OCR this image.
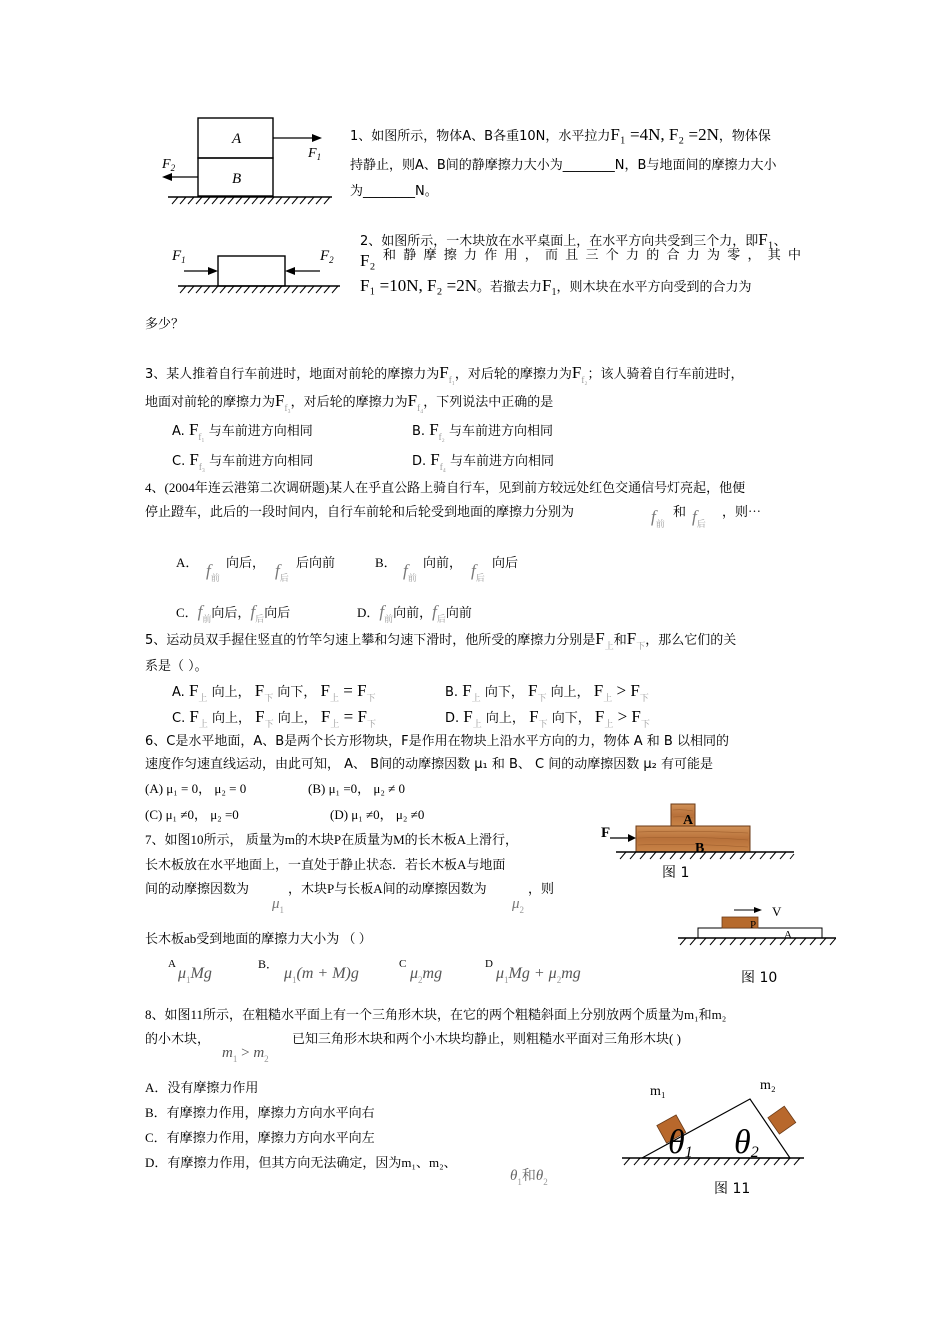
A
B
$F_1$
$F_2$
1、如图所示，物体A、B各重10N，水平拉力F₁ =4N, F₂ =2N，物体保
持静止，则A、B间的静摩擦力大小为________N，B与地面间的摩擦力大小
为________N。
$F_1$	$F_2$
2、如图所示，一木块放在水平桌面上，在水平方向共受到三个力，即F₁、
F₂ 和静摩擦力作用，而且三个力的合力为零，其中
F₁ =10N, F₂ =2N。若撤去力$F_1$，则木块在水平方向受到的合力为
多少？
3、某人推着自行车前进时，地面对前轮的摩擦力为$F_{f_1}$，对后轮的摩擦力为$F_{f_2}$；该人骑着自行车前进时，
地面对前轮的摩擦力为$F_{f_3}$，对后轮的摩擦力为$F_{f_4}$，下列说法中正确的是
A. $F_{f_1}$ 与车前进方向相同	B. $F_{f_2}$ 与车前进方向相同
C. $F_{f_3}$ 与车前进方向相同	D. $F_{f_4}$ 与车前进方向相同
4、(2004年连云港第二次调研题)某人在乎直公路上骑自行车，见到前方较远处红色交通信号灯亮起，他便
停止蹬车，此后的一段时间内，自行车前轮和后轮受到地面的摩擦力分别为	$f_前$
和 $f_后$
，则⋯
A． $f_前$
向后， $f_后$
后向前	B． $f_前$
向前， $f_后$
向后
C．$f_前$向后，$f_后$向后	D．$f_前$向前，$f_后$向前
5、运动员双手握住竖直的竹竿匀速上攀和匀速下滑时，他所受的摩擦力分别是$F_上$和$F_下$，那么它们的关
系是（ ）。
A. $F_上$ 向上， $F_下$ 向下， $F_上 = F_下$	B. $F_上$ 向下， $F_下$ 向上， $F_上 > F_下$
C. $F_上$ 向上， $F_下$ 向上， $F_上 = F_下$	D. $F_上$ 向上， $F_下$ 向下， $F_上 > F_下$
6、C是水平地面，A、B是两个长方形物块，F是作用在物块上沿水平方向的力，物体 A 和 B 以相同的
速度作匀速直线运动，由此可知， A、 B间的动摩擦因数 μ₁ 和 B、 C 间的动摩擦因数 μ₂ 有可能是
(A) μ₁ = 0， μ₂ = 0	(B) μ₁ =0， μ₂ ≠ 0
(C) μ₁ ≠0， μ₂ =0	(D) μ₁ ≠0， μ₂ ≠0
F
A
B
图 1
7、如图10所示， 质量为m的木块P在质量为M的长木板A上滑行，
长木板放在水平地面上，一直处于静止状态．若长木板A与地面
间的动摩擦因数为
$\mu_1$
，木块P与长板A间的动摩擦因数为
$\mu_2$
，则
长木板ab受到地面的摩擦力大小为 （ ）
A
$\mu_1Mg$
B．
$\mu_1(m + M)g$
C
$\mu_2mg$
D
$\mu_1Mg + \mu_2mg$
V
P
A
图 10
8、如图11所示，在粗糙水平面上有一个三角形木块，在它的两个粗糙斜面上分别放两个质量为m₁和m₂
的小木块，
$m_1 > m_2$
已知三角形木块和两个小木块均静止，则粗糙水平面对三角形木块( )
A．没有摩擦力作用
B．有摩擦力作用，摩擦力方向水平向右
C．有摩擦力作用，摩擦力方向水平向左
D．有摩擦力作用，但其方向无法确定，因为m₁、m₂、
$\theta_1$和$\theta_2$
m₁	m₂
θ1 θ2
图 11
